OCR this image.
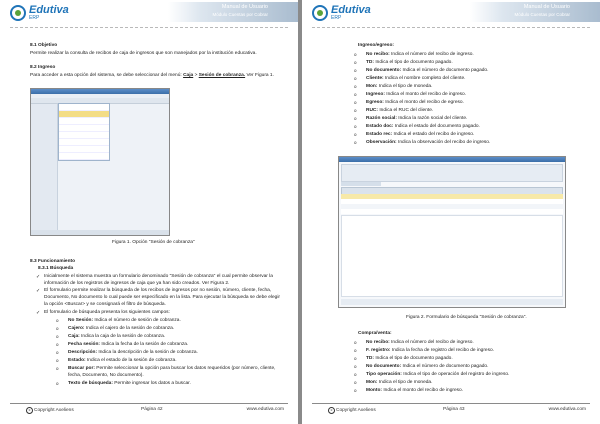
Edutiva
ERP
Manual de Usuario
Módulo Cuentas por Cobrar
8.1 Objetivo
Permite realizar la consulta de recibos de caja de ingresos que son manejados por la institución educativa.
8.2 Ingreso
Para acceder a esta opción del sistema, se debe seleccionar del menú: Caja > Sesión de cobranza. Ver Figura 1.
Figura 1. Opción "Sesión de cobranza"
8.3 Funcionamiento
8.3.1 Búsqueda
✓ Inicialmente el sistema muestra un formulario denominado "Sesión de cobranza" el cual permite observar la
información de los registros de ingresos de caja que ya han sido creados. Ver Figura 2.
✓ El formulario permite realizar la búsqueda de los recibos de ingresos por no sesión, número, cliente, fecha,
Documento, No documento lo cual puede ser especificado en la lista. Para ejecutar la búsqueda se debe elegir
la opción <Buscar> y se consignará el filtro de búsqueda.
✓ El formulario de búsqueda presenta los siguientes campos:
o No Sesión: Indica el número de sesión de cobranza.
o Cajero: Indica el cajero de la sesión de cobranza.
o Caja: Indica la caja de la sesión de cobranza.
o Fecha sesión: Indica la fecha de la sesión de cobranza.
o Descripción: Indica la descripción de la sesión de cobranza.
o Estado: Indica el estado de la sesión de cobranza.
o Buscar por: Permite seleccionar la opción para buscar los datos requeridos (por número, cliente,
fecha, Documento, No documento).
o Texto de búsqueda: Permite ingresar los datos a buscar.
c Copyright Axeliens	Página 42	www.edutiva.com
Edutiva
ERP
Manual de Usuario
Módulo Cuentas por Cobrar
Ingreso/egreso:
o No recibo: Indica el número del recibo de ingreso.
o TD: Indica el tipo de documento pagado.
o No documento: Indica el número de documento pagado.
o Cliente: Indica el nombre completo del cliente.
o Mon: Indica el tipo de moneda.
o Ingreso: Indica el monto del recibo de ingreso.
o Egreso: Indica el monto del recibo de egreso.
o RUC: Indica el RUC del cliente.
o Razón social: Indica la razón social del cliente.
o Estado doc: Indica el estado del documento pagado.
o Estado rec: Indica el estado del recibo de ingreso.
o Observación: Indica la observación del recibo de ingreso.
Figura 2. Formulario de búsqueda "Sesión de cobranza".
Compra/venta:
o No recibo: Indica el número del recibo de ingreso.
o F. registro: Indica la fecha de registro del recibo de ingreso.
o TD: Indica el tipo de documento pagado.
o No documento: Indica el número de documento pagado.
o Tipo operación: Indica el tipo de operación del registro de ingreso.
o Mon: Indica el tipo de moneda.
o Monto: Indica el monto del recibo de ingreso.
c Copyright Axeliens	Página 43	www.edutiva.com
